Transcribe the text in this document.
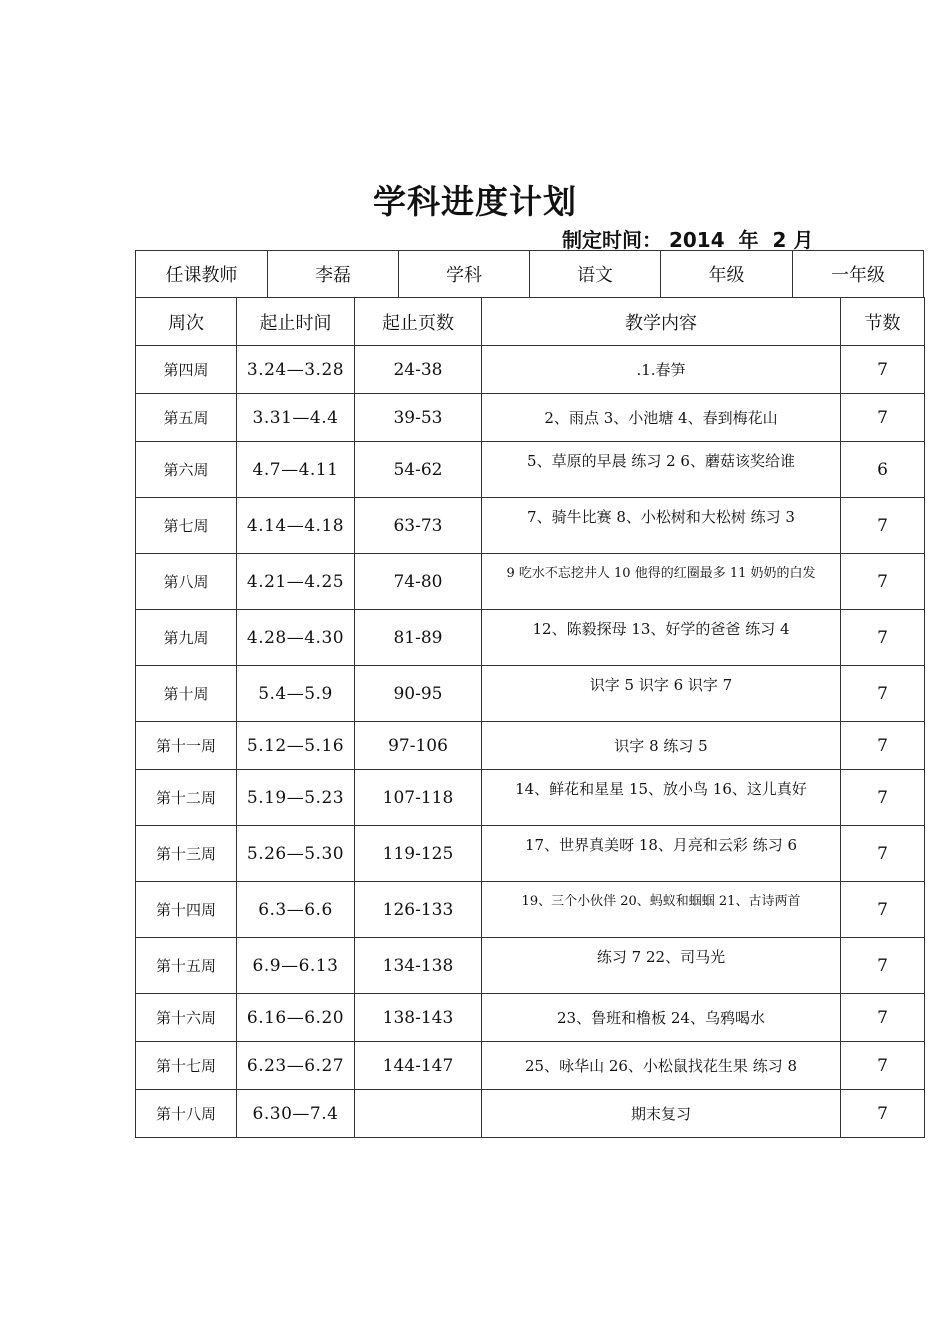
学科进度计划
制定时间： 2014  年  2 月
任课教师	李磊	学科	语文	年级	一年级
周次	起止时间	起止页数	教学内容	节数
第四周	3.24—3.28	24-38	.1.春笋	7
第五周	3.31—4.4	39-53	2、雨点 3、小池塘 4、春到梅花山	7
第六周	4.7—4.11	54-62	5、草原的早晨 练习 2 6、蘑菇该奖给谁	6
第七周	4.14—4.18	63-73	7、骑牛比赛 8、小松树和大松树 练习 3	7
第八周	4.21—4.25	74-80	9 吃水不忘挖井人 10 他得的红圈最多 11 奶奶的白发	7
第九周	4.28—4.30	81-89	12、陈毅探母 13、好学的爸爸 练习 4	7
第十周	5.4—5.9	90-95	识字 5 识字 6 识字 7	7
第十一周	5.12—5.16	97-106	识字 8 练习 5	7
第十二周	5.19—5.23	107-118	14、鲜花和星星 15、放小鸟 16、这儿真好	7
第十三周	5.26—5.30	119-125	17、世界真美呀 18、月亮和云彩 练习 6	7
第十四周	6.3—6.6	126-133	19、三个小伙伴 20、蚂蚁和蝈蝈 21、古诗两首	7
第十五周	6.9—6.13	134-138	练习 7 22、司马光	7
第十六周	6.16—6.20	138-143	23、鲁班和橹板 24、乌鸦喝水	7
第十七周	6.23—6.27	144-147	25、咏华山 26、小松鼠找花生果 练习 8	7
第十八周	6.30—7.4		期末复习	7
